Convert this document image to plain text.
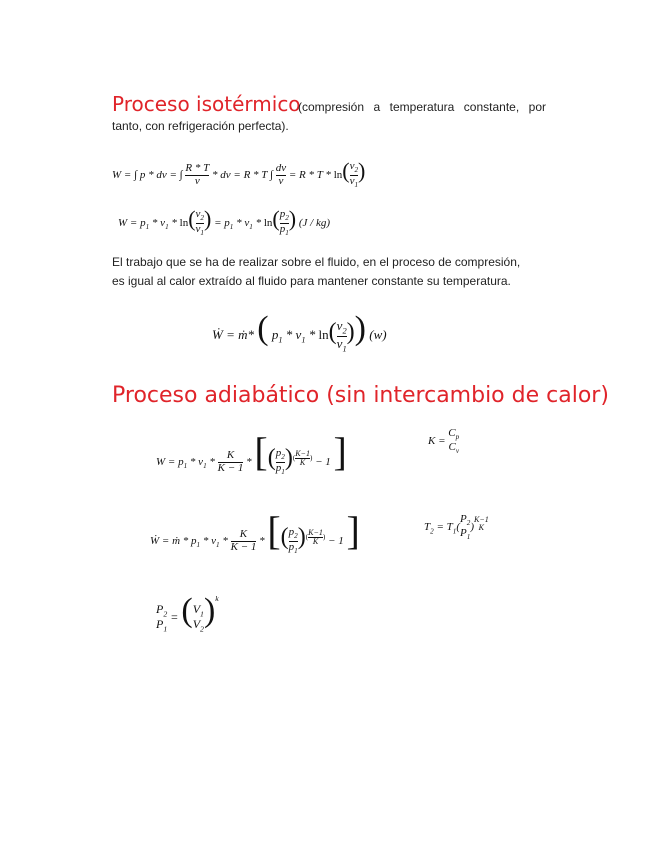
Proceso isotérmico
(compresión a temperatura constante, por
tanto, con refrigeración perfecta).
W = ∫ p * dv = ∫ $\frac{R * T}{v}$ * dv = R * T ∫ $\frac{dv}{v} = R * T * \ln( \frac{v_2}{v_1}$ )
$W = p_1 * v_1 * \ln( \frac{v_2}{v_1}$ ) = $p_1 * v_1 * \ln( \frac{p_2}{p_1}$ ) (J / kg)
El trabajo que se ha de realizar sobre el fluido, en el proceso de compresión,
es igual al calor extraído al fluido para mantener constante su temperatura.
Ẇ = ṁ* ( $p_1 * v_1 * \ln( \frac{v_2}{v_1}$ )) (w)
Proceso adiabático (sin intercambio de calor)
$W = p_1 * v_1 * \frac{K}{K - 1}$ * [( $\frac{p_2}{p_1} )^{( \frac{K-1}{K} )} - 1$ ]	K =
$C_p$
$C_v$
Ẇ = ṁ * $p_1 * v_1 * \frac{K}{K - 1}$ * [( $\frac{p_2}{p_1} )^{( \frac{K-1}{K} )} - 1$ ]	$T_2 = T_1$(
$P_2$
$P_1$
)
$^{K-1 K}$
$P_2$
$P_1$
= ( $V_1$
$V_2$
)$^k$
